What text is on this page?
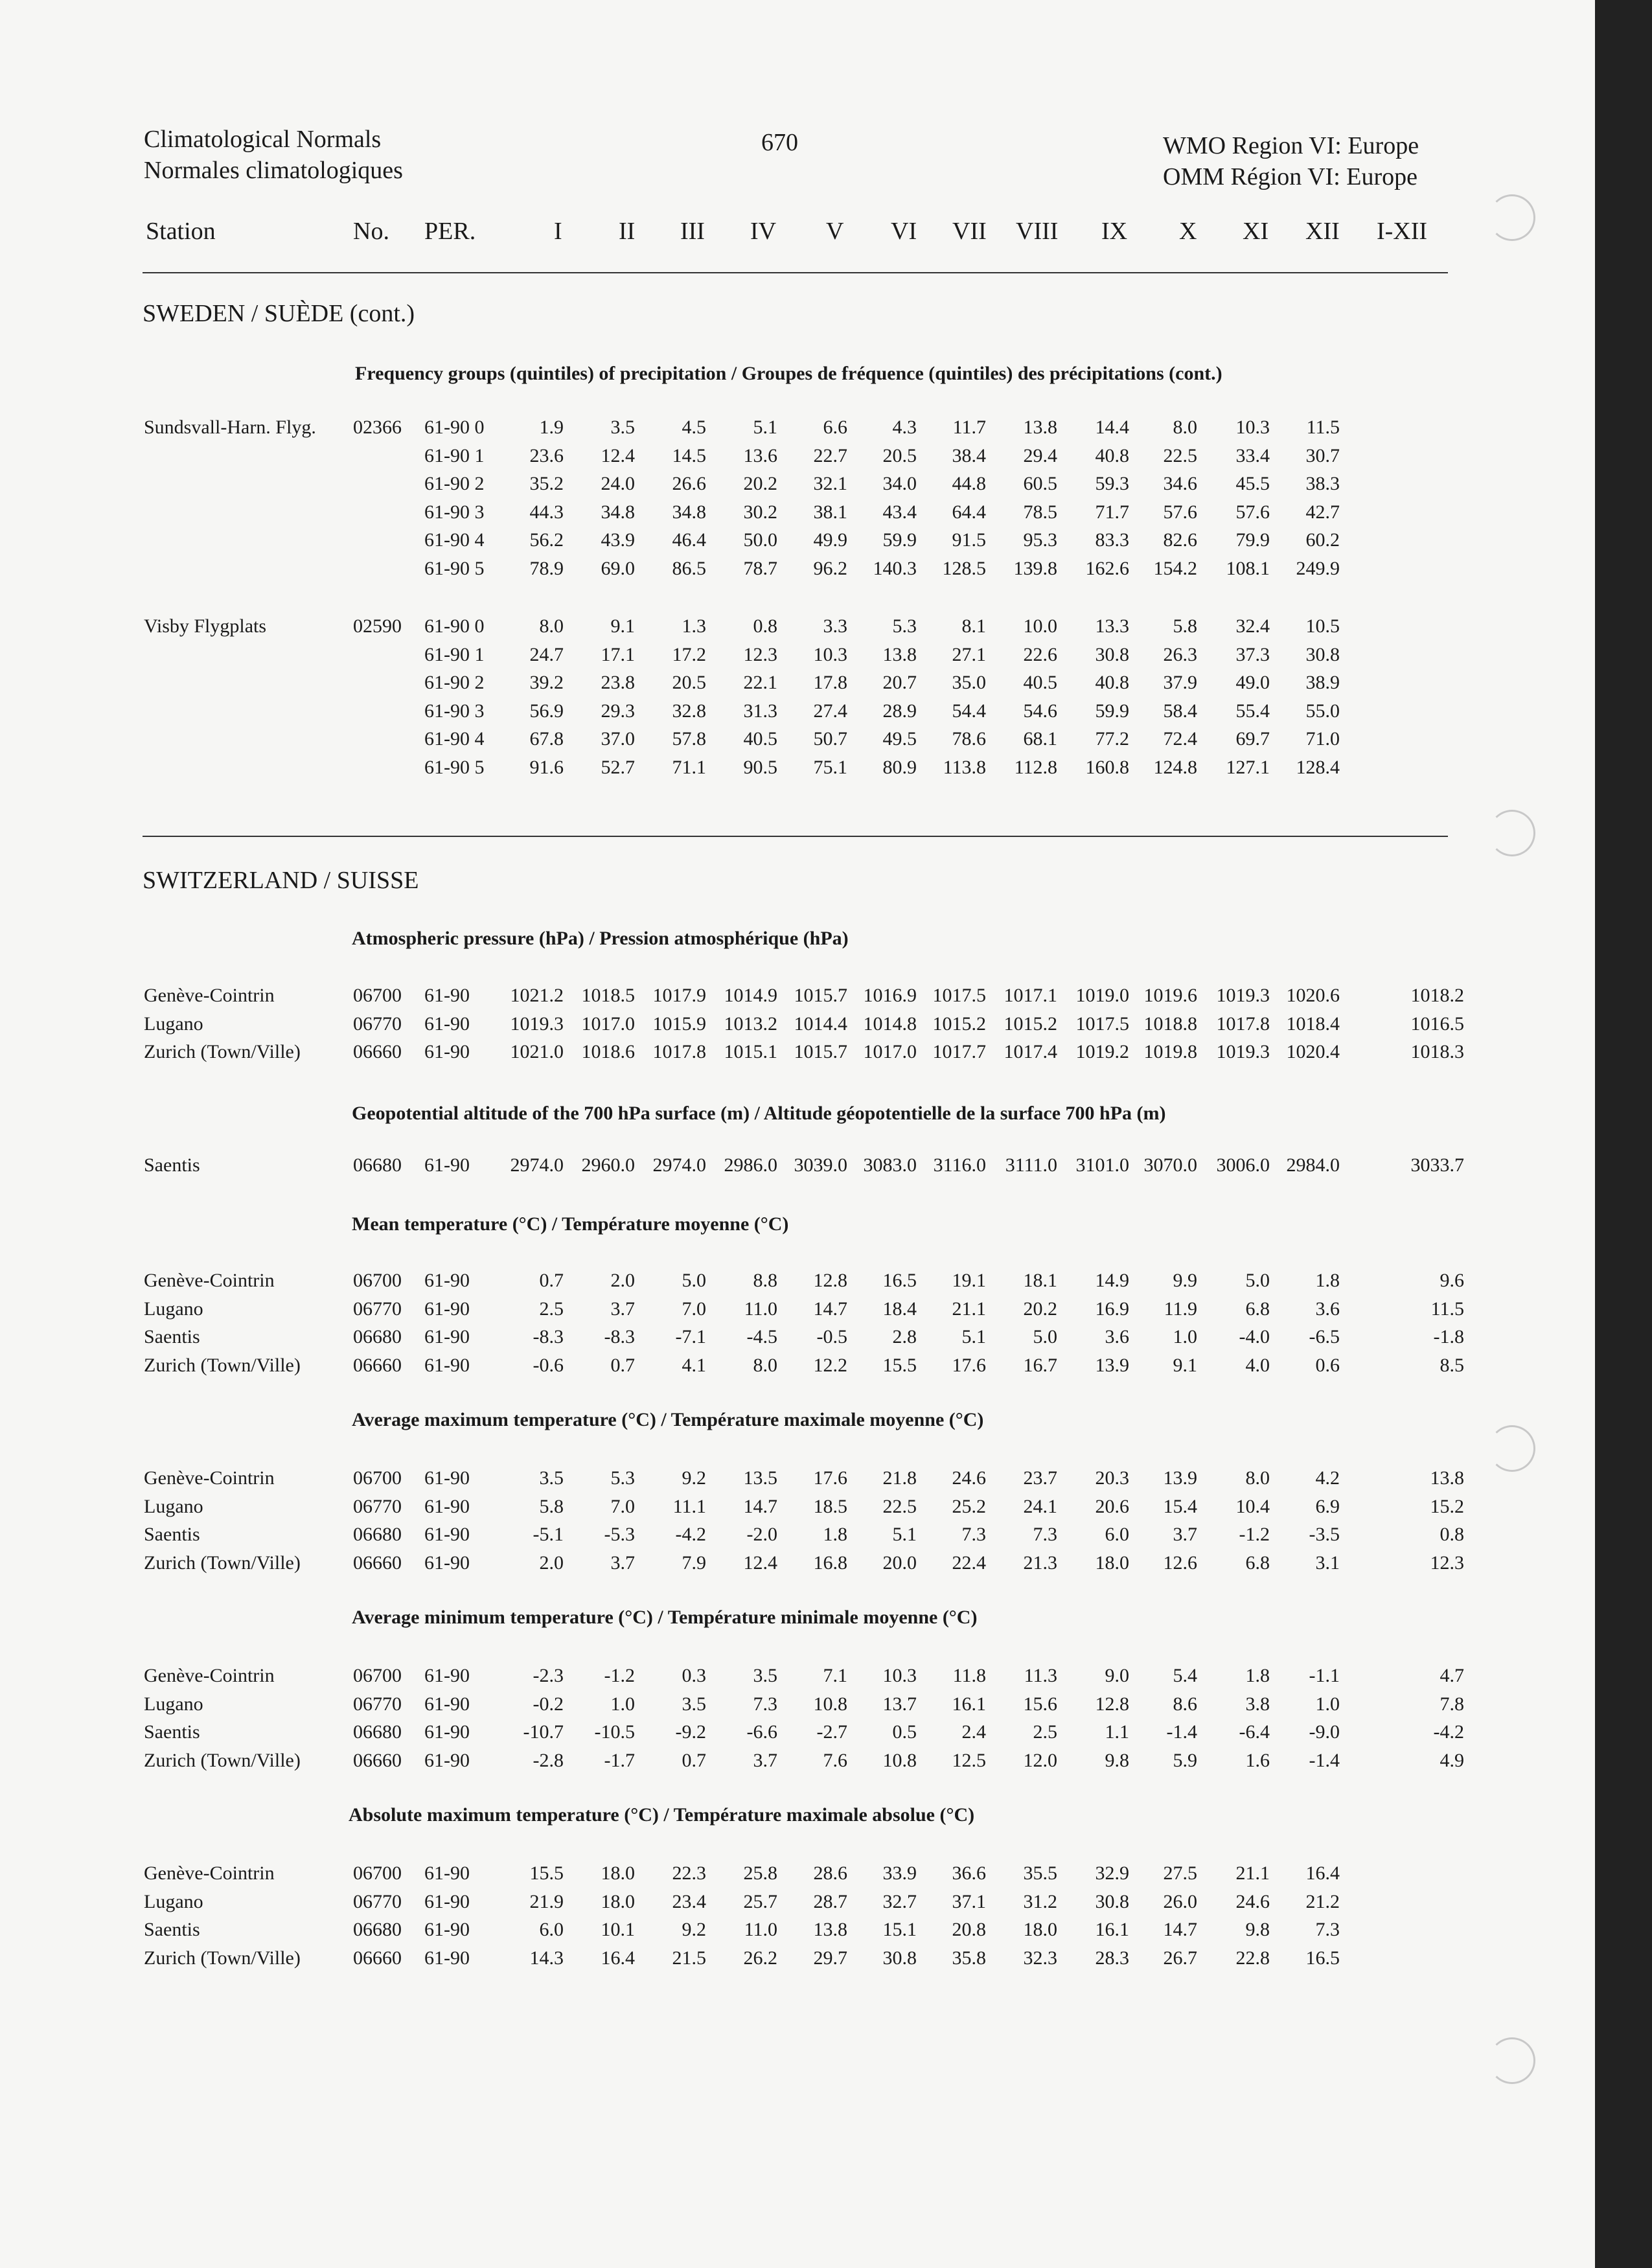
Climatological Normals
Normales climatologiques
670	WMO Region VI: Europe
OMM Région VI: Europe
Station	No. PER.	I II III IV V VI VII VIII IX X XI XII I-XII
SWEDEN / SUÈDE (cont.)
Frequency groups (quintiles) of precipitation / Groupes de fréquence (quintiles) des précipitations (cont.)
Sundsvall-Harn. Flyg. 02366 61-90 0	1.9	3.5	4.5	5.1	6.6	4.3	11.7	13.8	14.4	8.0	10.3	11.5
61-90 1	23.6	12.4	14.5	13.6	22.7	20.5	38.4	29.4	40.8	22.5	33.4	30.7
61-90 2	35.2	24.0	26.6	20.2	32.1	34.0	44.8	60.5	59.3	34.6	45.5	38.3
61-90 3	44.3	34.8	34.8	30.2	38.1	43.4	64.4	78.5	71.7	57.6	57.6	42.7
61-90 4	56.2	43.9	46.4	50.0	49.9	59.9	91.5	95.3	83.3	82.6	79.9	60.2
61-90 5	78.9	69.0	86.5	78.7	96.2	140.3	128.5	139.8	162.6	154.2	108.1	249.9
Visby Flygplats	02590 61-90 0	8.0	9.1	1.3	0.8	3.3	5.3	8.1	10.0	13.3	5.8	32.4	10.5
61-90 1	24.7	17.1	17.2	12.3	10.3	13.8	27.1	22.6	30.8	26.3	37.3	30.8
61-90 2	39.2	23.8	20.5	22.1	17.8	20.7	35.0	40.5	40.8	37.9	49.0	38.9
61-90 3	56.9	29.3	32.8	31.3	27.4	28.9	54.4	54.6	59.9	58.4	55.4	55.0
61-90 4	67.8	37.0	57.8	40.5	50.7	49.5	78.6	68.1	77.2	72.4	69.7	71.0
61-90 5	91.6	52.7	71.1	90.5	75.1	80.9	113.8	112.8	160.8	124.8	127.1	128.4
SWITZERLAND / SUISSE
Atmospheric pressure (hPa) / Pression atmosphérique (hPa)
Genève-Cointrin	06700 61-90	1021.2 1018.5 1017.9 1014.9 1015.7 1016.9 1017.5 1017.1 1019.0 1019.6 1019.3 1020.6	1018.2
Lugano	06770 61-90	1019.3 1017.0 1015.9 1013.2 1014.4 1014.8 1015.2 1015.2 1017.5 1018.8 1017.8 1018.4	1016.5
Zurich (Town/Ville)	06660 61-90	1021.0 1018.6 1017.8 1015.1 1015.7 1017.0 1017.7 1017.4 1019.2 1019.8 1019.3 1020.4	1018.3
Geopotential altitude of the 700 hPa surface (m) / Altitude géopotentielle de la surface 700 hPa (m)
Saentis	06680 61-90	2974.0 2960.0 2974.0 2986.0 3039.0 3083.0 3116.0 3111.0 3101.0 3070.0 3006.0 2984.0	3033.7
Mean temperature (°C) / Température moyenne (°C)
Genève-Cointrin	06700 61-90	0.7	2.0	5.0	8.8	12.8	16.5	19.1	18.1	14.9	9.9	5.0	1.8	9.6
Lugano	06770 61-90	2.5	3.7	7.0	11.0	14.7	18.4	21.1	20.2	16.9	11.9	6.8	3.6	11.5
Saentis	06680 61-90	-8.3	-8.3	-7.1	-4.5	-0.5	2.8	5.1	5.0	3.6	1.0	-4.0	-6.5	-1.8
Zurich (Town/Ville)	06660 61-90	-0.6	0.7	4.1	8.0	12.2	15.5	17.6	16.7	13.9	9.1	4.0	0.6	8.5
Average maximum temperature (°C) / Température maximale moyenne (°C)
Genève-Cointrin	06700 61-90	3.5	5.3	9.2	13.5	17.6	21.8	24.6	23.7	20.3	13.9	8.0	4.2	13.8
Lugano	06770 61-90	5.8	7.0	11.1	14.7	18.5	22.5	25.2	24.1	20.6	15.4	10.4	6.9	15.2
Saentis	06680 61-90	-5.1	-5.3	-4.2	-2.0	1.8	5.1	7.3	7.3	6.0	3.7	-1.2	-3.5	0.8
Zurich (Town/Ville)	06660 61-90	2.0	3.7	7.9	12.4	16.8	20.0	22.4	21.3	18.0	12.6	6.8	3.1	12.3
Average minimum temperature (°C) / Température minimale moyenne (°C)
Genève-Cointrin	06700 61-90	-2.3	-1.2	0.3	3.5	7.1	10.3	11.8	11.3	9.0	5.4	1.8	-1.1	4.7
Lugano	06770 61-90	-0.2	1.0	3.5	7.3	10.8	13.7	16.1	15.6	12.8	8.6	3.8	1.0	7.8
Saentis	06680 61-90	-10.7	-10.5	-9.2	-6.6	-2.7	0.5	2.4	2.5	1.1	-1.4	-6.4	-9.0	-4.2
Zurich (Town/Ville)	06660 61-90	-2.8	-1.7	0.7	3.7	7.6	10.8	12.5	12.0	9.8	5.9	1.6	-1.4	4.9
Absolute maximum temperature (°C) / Température maximale absolue (°C)
Genève-Cointrin	06700 61-90	15.5	18.0	22.3	25.8	28.6	33.9	36.6	35.5	32.9	27.5	21.1	16.4
Lugano	06770 61-90	21.9	18.0	23.4	25.7	28.7	32.7	37.1	31.2	30.8	26.0	24.6	21.2
Saentis	06680 61-90	6.0	10.1	9.2	11.0	13.8	15.1	20.8	18.0	16.1	14.7	9.8	7.3
Zurich (Town/Ville)	06660 61-90	14.3	16.4	21.5	26.2	29.7	30.8	35.8	32.3	28.3	26.7	22.8	16.5
